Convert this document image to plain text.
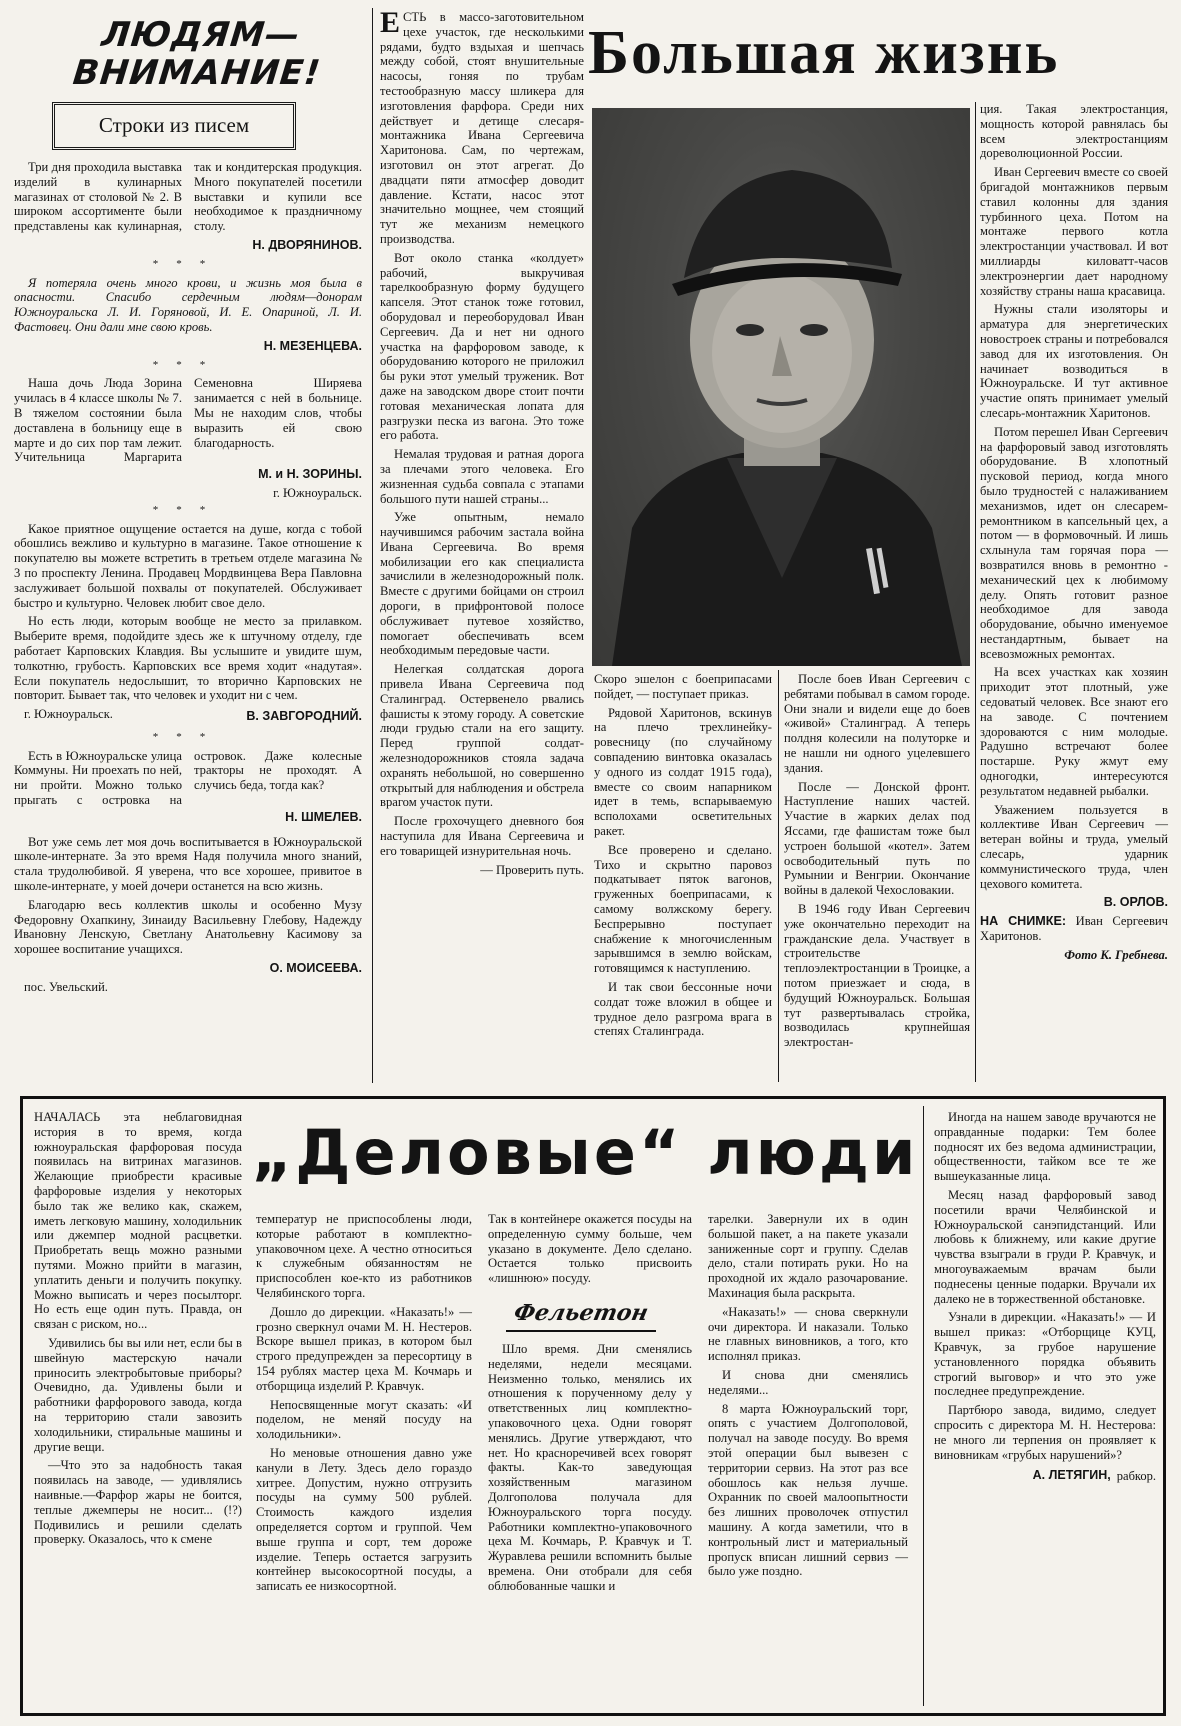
ЛЮДЯМ— ВНИМАНИЕ!
Строки из писем

Три дня проходила выставка изделий в кулинарных магазинах от столовой № 2. В широком ассортименте были представлены как кулинарная, так и кондитерская продукция. Много покупателей посетили выставки и купили все необходимое к праздничному столу.

Н. ДВОРЯНИНОВ.
***

Я потеряла очень много крови, и жизнь моя была в опасности. Спасибо сердечным людям—донорам Южноуральска Л. И. Горяновой, И. Е. Опариной, Л. И. Фастовец. Они дали мне свою кровь.

Н. МЕЗЕНЦЕВА.
***

Наша дочь Люда Зорина училась в 4 классе школы № 7. В тяжелом состоянии была доставлена в больницу еще в марте и до сих пор там лежит. Учительница Маргарита Семеновна Ширяева занимается с ней в больнице. Мы не находим слов, чтобы выразить ей свою благодарность.

М. и Н. ЗОРИНЫ.
г. Южноуральск.
***

Какое приятное ощущение остается на душе, когда с тобой обошлись вежливо и культурно в магазине. Такое отношение к покупателю вы можете встретить в третьем отделе магазина № 3 по проспекту Ленина. Продавец Мордвинцева Вера Павловна заслуживает большой похвалы от покупателей. Обслуживает быстро и культурно. Человек любит свое дело.

Но есть люди, которым вообще не место за прилавком. Выберите время, подойдите здесь же к штучному отделу, где работает Карповских Клавдия. Вы услышите и увидите шум, толкотню, грубость. Карповских все время ходит «надутая». Если покупатель недослышит, то вторично Карповских не повторит. Бывает так, что человек и уходит ни с чем.

г. Южноуральск.	В. ЗАВГОРОДНИЙ.
***

Есть в Южноуральске улица Коммуны. Ни проехать по ней, ни пройти. Можно только прыгать с островка на островок. Даже колесные тракторы не проходят. А случись беда, тогда как?

Н. ШМЕЛЕВ.

Вот уже семь лет моя дочь воспитывается в Южноуральской школе-интернате. За это время Надя получила много знаний, стала трудолюбивой. Я уверена, что все хорошее, привитое в школе-интернате, у моей дочери останется на всю жизнь.

Благодарю весь коллектив школы и особенно Музу Федоровну Охапкину, Зинаиду Васильевну Глебову, Надежду Ивановну Ленскую, Светлану Анатольевну Касимову за хорошее воспитание учащихся.

О. МОИСЕЕВА.
пос. Увельский.
Большая жизнь

ЕСТЬ в массо-заготовительном цехе участок, где несколькими рядами, будто вздыхая и шепчась между собой, стоят внушительные насосы, гоняя по трубам тестообразную массу шликера для изготовления фарфора. Среди них действует и детище слесаря-монтажника Ивана Сергеевича Харитонова. Сам, по чертежам, изготовил он этот агрегат. До двадцати пяти атмосфер доводит давление. Кстати, насос этот значительно мощнее, чем стоящий тут же механизм немецкого производства.

Вот около станка «колдует» рабочий, выкручивая тарелкообразную форму будущего капселя. Этот станок тоже готовил, оборудовал и переоборудовал Иван Сергеевич. Да и нет ни одного участка на фарфоровом заводе, к оборудованию которого не приложил бы руки этот умелый труженик. Вот даже на заводском дворе стоит почти готовая механическая лопата для разгрузки песка из вагона. Это тоже его работа.

Немалая трудовая и ратная дорога за плечами этого человека. Его жизненная судьба совпала с этапами большого пути нашей страны...

Уже опытным, немало научившимся рабочим застала война Ивана Сергеевича. Во время мобилизации его как специалиста зачислили в железнодорожный полк. Вместе с другими бойцами он строил дороги, в прифронтовой полосе обслуживает путевое хозяйство, помогает обеспечивать всем необходимым передовые части.

Нелегкая солдатская дорога привела Ивана Сергеевича под Сталинград. Остервенело рвались фашисты к этому городу. А советские люди грудью стали на его защиту. Перед группой солдат-железнодорожников стояла задача охранять небольшой, но совершенно открытый для наблюдения и обстрела врагом участок пути.

После грохочущего дневного боя наступила для Ивана Сергеевича и его товарищей изнурительная ночь.

— Проверить путь.

Скоро эшелон с боеприпасами пойдет, — поступает приказ.

Рядовой Харитонов, вскинув на плечо трехлинейку-ровесницу (по случайному совпадению винтовка оказалась у одного из солдат 1915 года), вместе со своим напарником идет в темь, вспарываемую всполохами осветительных ракет.

Все проверено и сделано. Тихо и скрытно паровоз подкатывает пяток вагонов, груженных боеприпасами, к самому волжскому берегу. Беспрерывно поступает снабжение к многочисленным зарывшимся в землю войскам, готовящимся к наступлению.

И так свои бессонные ночи солдат тоже вложил в общее и трудное дело разгрома врага в степях Сталинграда.

После боев Иван Сергеевич с ребятами побывал в самом городе. Они знали и видели еще до боев «живой» Сталинград. А теперь полдня колесили на полуторке и не нашли ни одного уцелевшего здания.

После — Донской фронт. Наступление наших частей. Участие в жарких делах под Яссами, где фашистам тоже был устроен большой «котел». Затем освободительный путь по Румынии и Венгрии. Окончание войны в далекой Чехословакии.

В 1946 году Иван Сергеевич уже окончательно переходит на гражданские дела. Участвует в строительстве теплоэлектростанции в Троицке, а потом приезжает и сюда, в будущий Южноуральск. Большая тут развертывалась стройка, возводилась крупнейшая электростан-

ция. Такая электростанция, мощность которой равнялась бы всем электростанциям дореволюционной России.

Иван Сергеевич вместе со своей бригадой монтажников первым ставил колонны для здания турбинного цеха. Потом на монтаже первого котла электростанции участвовал. И вот миллиарды киловатт-часов электроэнергии дает народному хозяйству страны наша красавица.

Нужны стали изоляторы и арматура для энергетических новостроек страны и потребовался завод для их изготовления. Он начинает возводиться в Южноуральске. И тут активное участие опять принимает умелый слесарь-монтажник Харитонов.

Потом перешел Иван Сергеевич на фарфоровый завод изготовлять оборудование. В хлопотный пусковой период, когда много было трудностей с налаживанием механизмов, идет он слесарем-ремонтником в капсельный цех, а потом — в формовочный. И лишь схлынула там горячая пора — возвратился вновь в ремонтно - механический цех к любимому делу. Опять готовит разное необходимое для завода оборудование, обычно именуемое нестандартным, бывает на всевозможных ремонтах.

На всех участках как хозяин приходит этот плотный, уже седоватый человек. Все знают его на заводе. С почтением здороваются с ним молодые. Радушно встречают более постарше. Руку жмут ему одногодки, интересуются результатом недавней рыбалки.

Уважением пользуется в коллективе Иван Сергеевич — ветеран войны и труда, умелый слесарь, ударник коммунистического труда, член цехового комитета.

В. ОРЛОВ.

НА СНИМКЕ: Иван Сергеевич Харитонов.

Фото К. Гребнева.
„Деловые“ люди

НАЧАЛАСЬ эта неблаговидная история в то время, когда южноуральская фарфоровая посуда появилась на витринах магазинов. Желающие приобрести красивые фарфоровые изделия у некоторых было так же велико как, скажем, иметь легковую машину, холодильник или джемпер модной расцветки. Приобретать вещь можно разными путями. Можно прийти в магазин, уплатить деньги и получить покупку. Можно выписать и через посылторг. Но есть еще один путь. Правда, он связан с риском, но...

Удивились бы вы или нет, если бы в швейную мастерскую начали приносить электробытовые приборы? Очевидно, да. Удивлены были и работники фарфорового завода, когда на территорию стали завозить холодильники, стиральные машины и другие вещи.

—Что это за надобность такая появилась на заводе, — удивлялись наивные.—Фарфор жары не боится, теплые джемперы не носит... (!?) Подивились и решили сделать проверку. Оказалось, что к смене

температур не приспособлены люди, которые работают в комплектно-упаковочном цехе. А честно относиться к служебным обязанностям не приспособлен кое-кто из работников Челябинского торга.

Дошло до дирекции. «Наказать!» — грозно сверкнул очами М. Н. Нестеров. Вскоре вышел приказ, в котором был строго предупрежден за пересортицу в 154 рублях мастер цеха М. Кочмарь и отборщица изделий Р. Кравчук.

Непосвященные могут сказать: «И поделом, не меняй посуду на холодильники».

Но меновые отношения давно уже канули в Лету. Здесь дело гораздо хитрее. Допустим, нужно отгрузить посуды на сумму 500 рублей. Стоимость каждого изделия определяется сортом и группой. Чем выше группа и сорт, тем дороже изделие. Теперь остается загрузить контейнер высокосортной посуды, а записать ее низкосортной.

Так в контейнере окажется посуды на определенную сумму больше, чем указано в документе. Дело сделано. Остается только присвоить «лишнюю» посуду.

Фельетон

Шло время. Дни сменялись неделями, недели месяцами. Неизменно только, менялись их отношения к порученному делу у ответственных лиц комплектно-упаковочного цеха. Одни говорят менялись. Другие утверждают, что нет. Но красноречивей всех говорят факты. Как-то заведующая хозяйственным магазином Долгополова получала для Южноуральского торга посуду. Работники комплектно-упаковочного цеха М. Кочмарь, Р. Кравчук и Т. Журавлева решили вспомнить былые времена. Они отобрали для себя облюбованные чашки и

тарелки. Завернули их в один большой пакет, а на пакете указали заниженные сорт и группу. Сделав дело, стали потирать руки. Но на проходной их ждало разочарование. Махинация была раскрыта.

«Наказать!» — снова сверкнули очи директора. И наказали. Только не главных виновников, а того, кто исполнял приказ.

И снова дни сменялись неделями...

8 марта Южноуральский торг, опять с участием Долгополовой, получал на заводе посуду. Во время этой операции был вывезен с территории сервиз. На этот раз все обошлось как нельзя лучше. Охранник по своей малоопытности без лишних проволочек отпустил машину. А когда заметили, что в контрольный лист и материальный пропуск вписан лишний сервиз — было уже поздно.

Иногда на нашем заводе вручаются не оправданные подарки: Тем более подносят их без ведома администрации, общественности, тайком все те же вышеуказанные лица.

Месяц назад фарфоровый завод посетили врачи Челябинской и Южноуральской санэпидстанций. Или любовь к ближнему, или какие другие чувства взыграли в груди Р. Кравчук, и многоуважаемым врачам были поднесены ценные подарки. Вручали их далеко не в торжественной обстановке.

Узнали в дирекции. «Наказать!» — И вышел приказ: «Отборщице КУЦ, Кравчук, за грубое нарушение установленного порядка объявить строгий выговор» и что это уже последнее предупреждение.

Партбюро завода, видимо, следует спросить с директора М. Н. Нестерова: не много ли терпения он проявляет к виновникам «грубых нарушений»?

А. ЛЕТЯГИН, рабкор.
